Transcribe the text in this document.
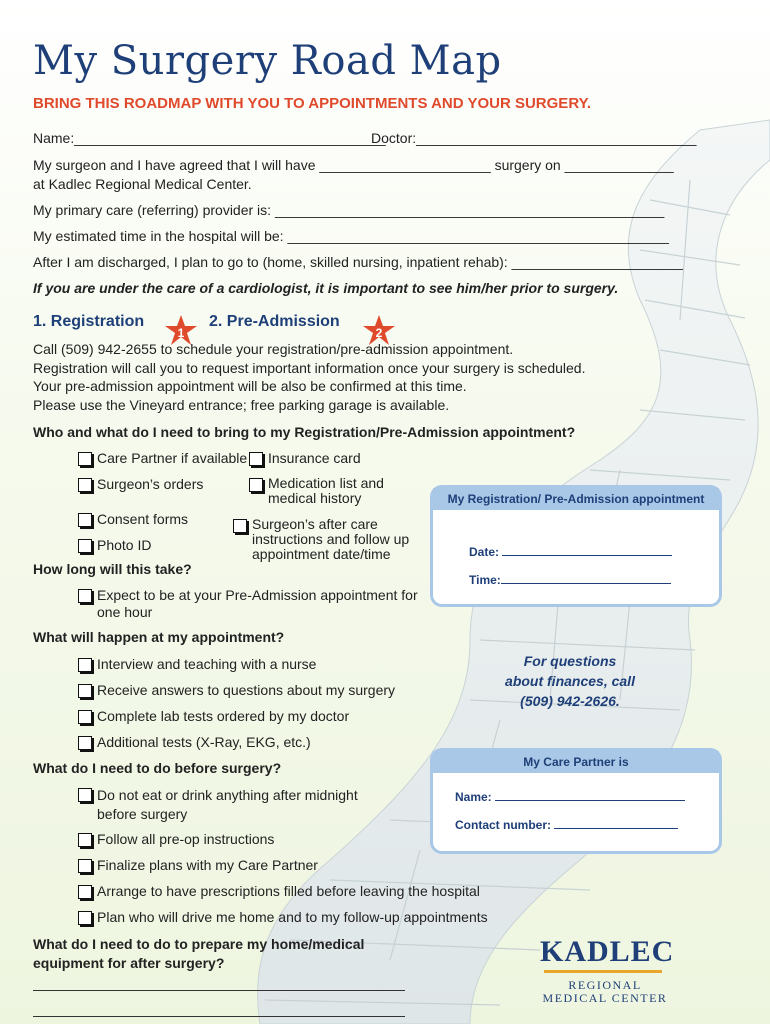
My Surgery Road Map
BRING THIS ROADMAP WITH YOU TO APPOINTMENTS AND YOUR SURGERY.
Name:________________________________________
Doctor:____________________________________
My surgeon and I have agreed that I will have ______________________ surgery on ______________
at Kadlec Regional Medical Center.
My primary care (referring) provider is: __________________________________________________
My estimated time in the hospital will be: _________________________________________________
After I am discharged, I plan to go to (home, skilled nursing, inpatient rehab): ______________________
If you are under the care of a cardiologist, it is important to see him/her prior to surgery.
1. Registration
1
2. Pre-Admission
2
Call (509) 942-2655 to schedule your registration/pre-admission appointment.
Registration will call you to request important information once your surgery is scheduled.
Your pre-admission appointment will be also be confirmed at this time.
Please use the Vineyard entrance; free parking garage is available.
Who and what do I need to bring to my Registration/Pre-Admission appointment?
Care Partner if available Insurance card
Surgeon’s orders	Medication list and medical history
Consent forms	Surgeon’s after care instructions and follow up appointment date/time
Photo ID
How long will this take?
Expect to be at your Pre-Admission appointment for one hour
What will happen at my appointment?
Interview and teaching with a nurse
Receive answers to questions about my surgery
Complete lab tests ordered by my doctor
Additional tests (X-Ray, EKG, etc.)
What do I need to do before surgery?
Do not eat or drink anything after midnight before surgery
Follow all pre-op instructions
Finalize plans with my Care Partner
Arrange to have prescriptions filled before leaving the hospital
Plan who will drive me home and to my follow-up appointments
What do I need to do to prepare my home/medical
equipment for after surgery?
My Registration/ Pre-Admission appointment
Date:
Time:
For questions
about finances, call
(509) 942-2626.
My Care Partner is
Name:
Contact number:
KADLEC
REGIONAL
MEDICAL CENTER
